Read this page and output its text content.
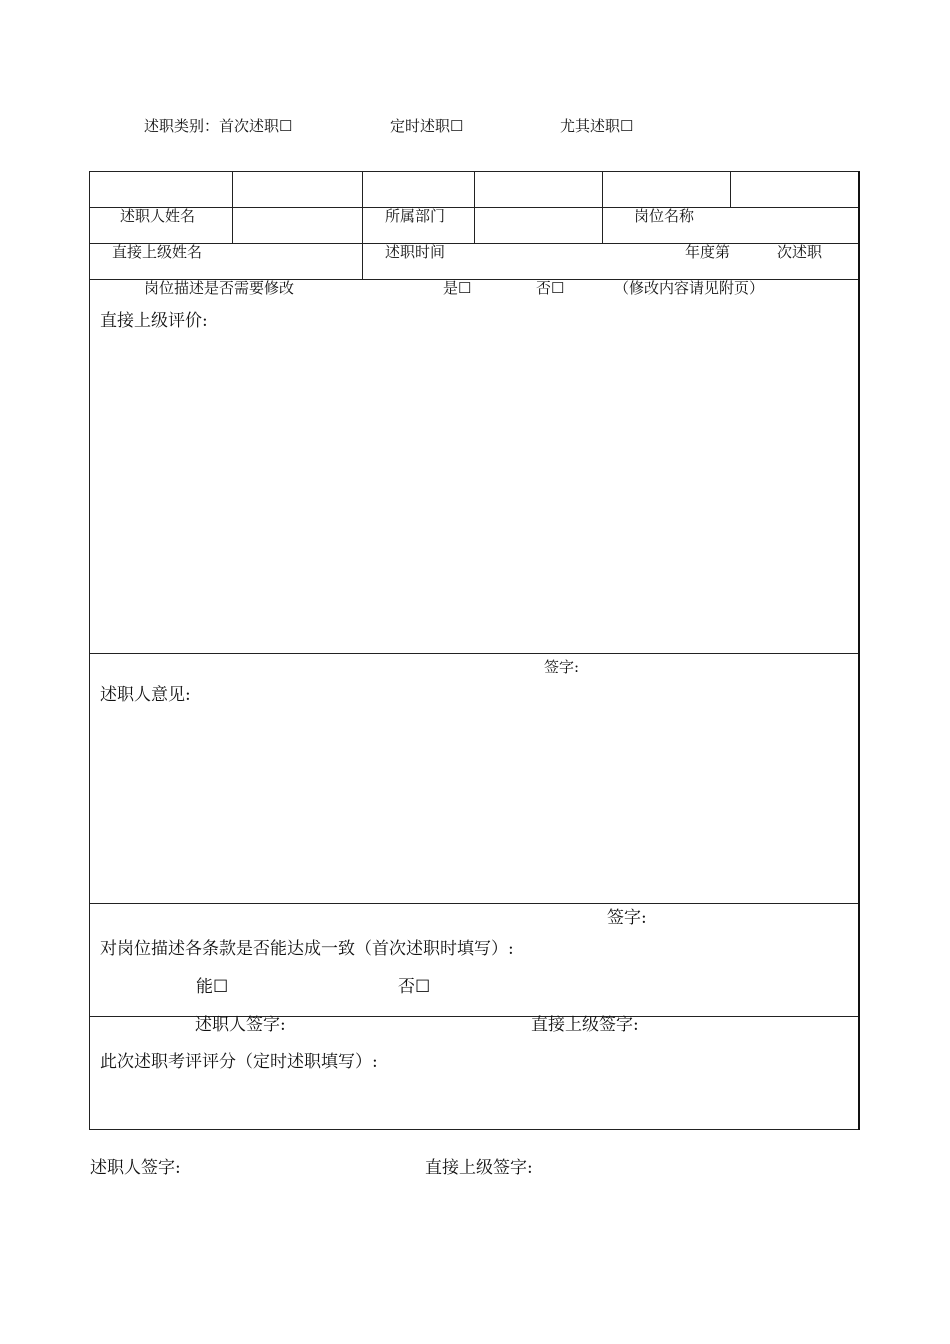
述职类别：首次述职☐	定时述职☐	尤其述职☐
述职人姓名	所属部门	岗位名称
直接上级姓名	述职时间	年度第	次述职
岗位描述是否需要修改	是☐	否☐	（修改内容请见附页）
直接上级评价:
签字:
述职人意见:
签字:
对岗位描述各条款是否能达成一致（首次述职时填写）:
能☐	否☐
述职人签字:	直接上级签字:
此次述职考评评分（定时述职填写）:
述职人签字:	直接上级签字:
